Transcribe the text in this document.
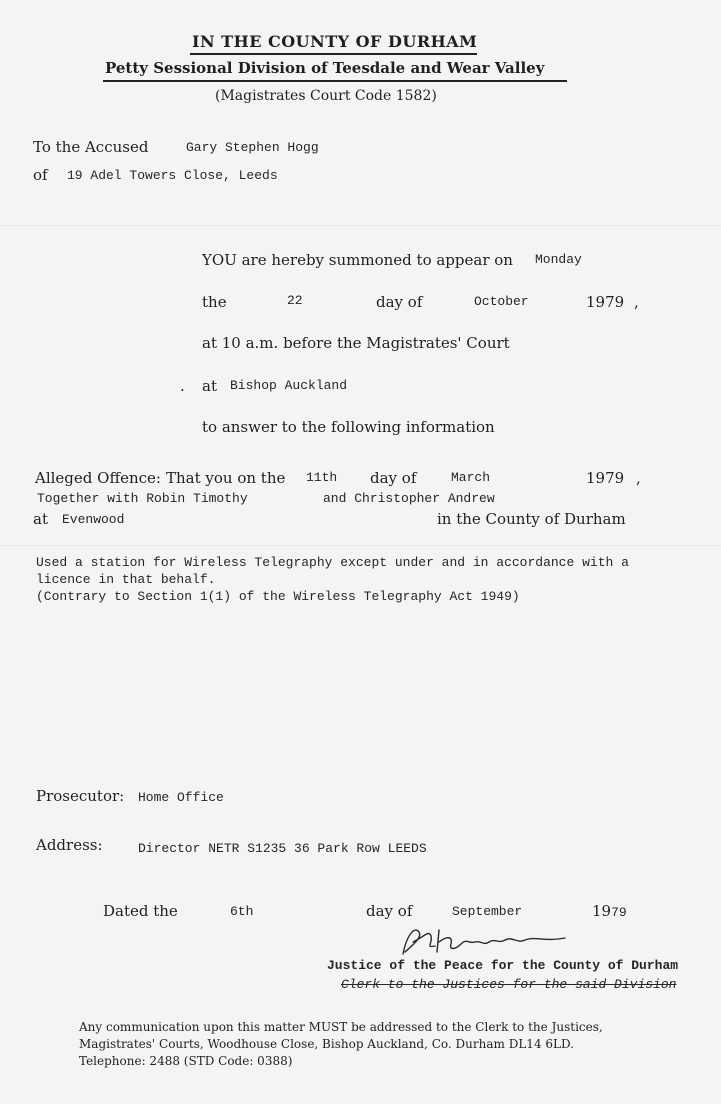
IN THE COUNTY OF DURHAM
Petty Sessional Division of Teesdale and Wear Valley
(Magistrates Court Code 1582)
To the Accused	Gary Stephen Hogg
of 19 Adel Towers Close, Leeds
YOU are hereby summoned to appear on Monday
the	22	day of	October	1979 ,
at 10 a.m. before the Magistrates' Court
. at Bishop Auckland
to answer to the following information
Alleged Offence: That you on the 11th day of	March	1979 ,
Together with Robin Timothy	and Christopher Andrew
at Evenwood	in the County of Durham
Used a station for Wireless Telegraphy except under and in accordance with a
licence in that behalf.
(Contrary to Section 1(1) of the Wireless Telegraphy Act 1949)
Prosecutor: Home Office
Address:	Director NETR S1235 36 Park Row LEEDS
Dated the	6th	day of	September	1979
Justice of the Peace for the County of Durham
Clerk to the Justices for the said Division
Any communication upon this matter MUST be addressed to the Clerk to the Justices,
Magistrates' Courts, Woodhouse Close, Bishop Auckland, Co. Durham DL14 6LD.
Telephone: 2488 (STD Code: 0388)
